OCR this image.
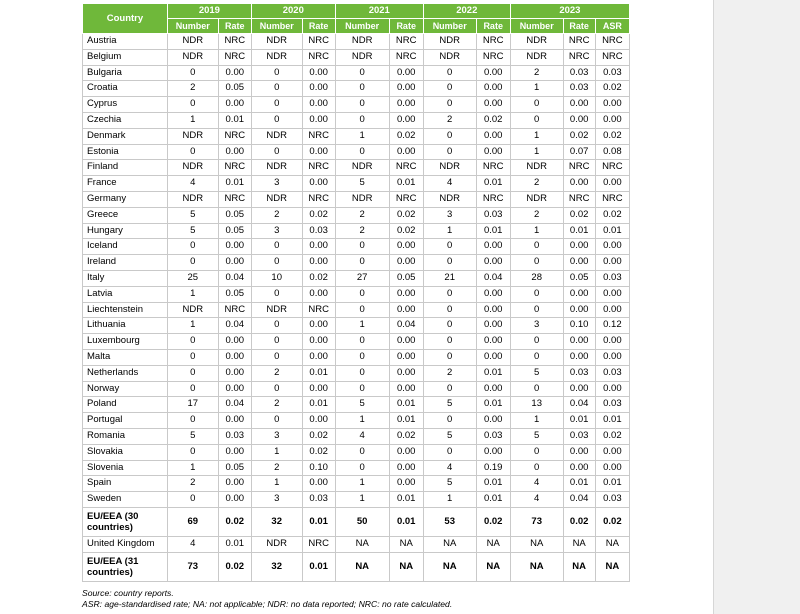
Country	2019		2020		2021		2022		2023		
	Number	Rate	Number	Rate	Number	Rate	Number	Rate	Number	Rate	ASR
Austria	NDR	NRC	NDR	NRC	NDR	NRC	NDR	NRC	NDR	NRC	NRC
Belgium	NDR	NRC	NDR	NRC	NDR	NRC	NDR	NRC	NDR	NRC	NRC
Bulgaria	0	0.00	0	0.00	0	0.00	0	0.00	2	0.03	0.03
Croatia	2	0.05	0	0.00	0	0.00	0	0.00	1	0.03	0.02
Cyprus	0	0.00	0	0.00	0	0.00	0	0.00	0	0.00	0.00
Czechia	1	0.01	0	0.00	0	0.00	2	0.02	0	0.00	0.00
Denmark	NDR	NRC	NDR	NRC	1	0.02	0	0.00	1	0.02	0.02
Estonia	0	0.00	0	0.00	0	0.00	0	0.00	1	0.07	0.08
Finland	NDR	NRC	NDR	NRC	NDR	NRC	NDR	NRC	NDR	NRC	NRC
France	4	0.01	3	0.00	5	0.01	4	0.01	2	0.00	0.00
Germany	NDR	NRC	NDR	NRC	NDR	NRC	NDR	NRC	NDR	NRC	NRC
Greece	5	0.05	2	0.02	2	0.02	3	0.03	2	0.02	0.02
Hungary	5	0.05	3	0.03	2	0.02	1	0.01	1	0.01	0.01
Iceland	0	0.00	0	0.00	0	0.00	0	0.00	0	0.00	0.00
Ireland	0	0.00	0	0.00	0	0.00	0	0.00	0	0.00	0.00
Italy	25	0.04	10	0.02	27	0.05	21	0.04	28	0.05	0.03
Latvia	1	0.05	0	0.00	0	0.00	0	0.00	0	0.00	0.00
Liechtenstein	NDR	NRC	NDR	NRC	0	0.00	0	0.00	0	0.00	0.00
Lithuania	1	0.04	0	0.00	1	0.04	0	0.00	3	0.10	0.12
Luxembourg	0	0.00	0	0.00	0	0.00	0	0.00	0	0.00	0.00
Malta	0	0.00	0	0.00	0	0.00	0	0.00	0	0.00	0.00
Netherlands	0	0.00	2	0.01	0	0.00	2	0.01	5	0.03	0.03
Norway	0	0.00	0	0.00	0	0.00	0	0.00	0	0.00	0.00
Poland	17	0.04	2	0.01	5	0.01	5	0.01	13	0.04	0.03
Portugal	0	0.00	0	0.00	1	0.01	0	0.00	1	0.01	0.01
Romania	5	0.03	3	0.02	4	0.02	5	0.03	5	0.03	0.02
Slovakia	0	0.00	1	0.02	0	0.00	0	0.00	0	0.00	0.00
Slovenia	1	0.05	2	0.10	0	0.00	4	0.19	0	0.00	0.00
Spain	2	0.00	1	0.00	1	0.00	5	0.01	4	0.01	0.01
Sweden	0	0.00	3	0.03	1	0.01	1	0.01	4	0.04	0.03
EU/EEA (30 countries)	69	0.02	32	0.01	50	0.01	53	0.02	73	0.02	0.02
United Kingdom	4	0.01	NDR	NRC	NA	NA	NA	NA	NA	NA	NA
EU/EEA (31 countries)	73	0.02	32	0.01	NA	NA	NA	NA	NA	NA	NA
Source: country reports.
ASR: age-standardised rate; NA: not applicable; NDR: no data reported; NRC: no rate calculated.
